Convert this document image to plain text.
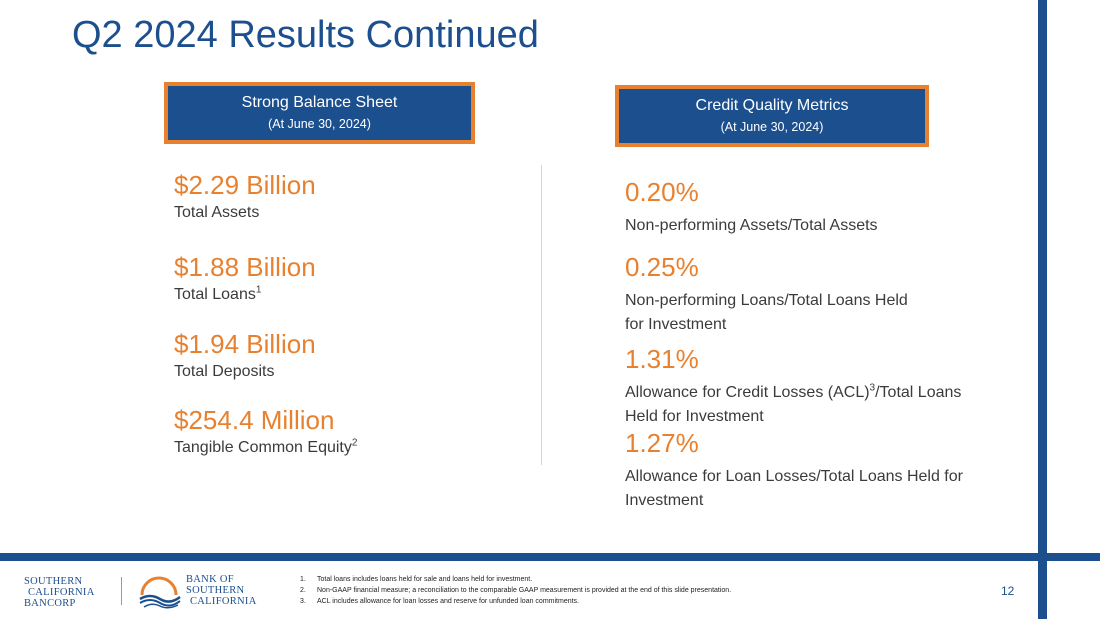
Q2 2024 Results Continued
Strong Balance Sheet
(At June 30, 2024)
Credit Quality Metrics
(At June 30, 2024)
$2.29 Billion
Total Assets
$1.88 Billion
Total Loans$^1$
$1.94 Billion
Total Deposits
$254.4 Million
Tangible Common Equity$^2$
0.20%
Non-performing Assets/Total Assets
0.25%
Non-performing Loans/Total Loans Held
for Investment
1.31%
Allowance for Credit Losses (ACL)$^3$/Total Loans
Held for Investment
1.27%
Allowance for Loan Losses/Total Loans Held for
Investment
SOUTHERN
CALIFORNIA
BANCORP
BANK OF
SOUTHERN
CALIFORNIA
1. Total loans includes loans held for sale and loans held for investment.
2. Non-GAAP financial measure; a reconciliation to the comparable GAAP measurement is provided at the end of this slide presentation.
3. ACL includes allowance for loan losses and reserve for unfunded loan commitments.
12
